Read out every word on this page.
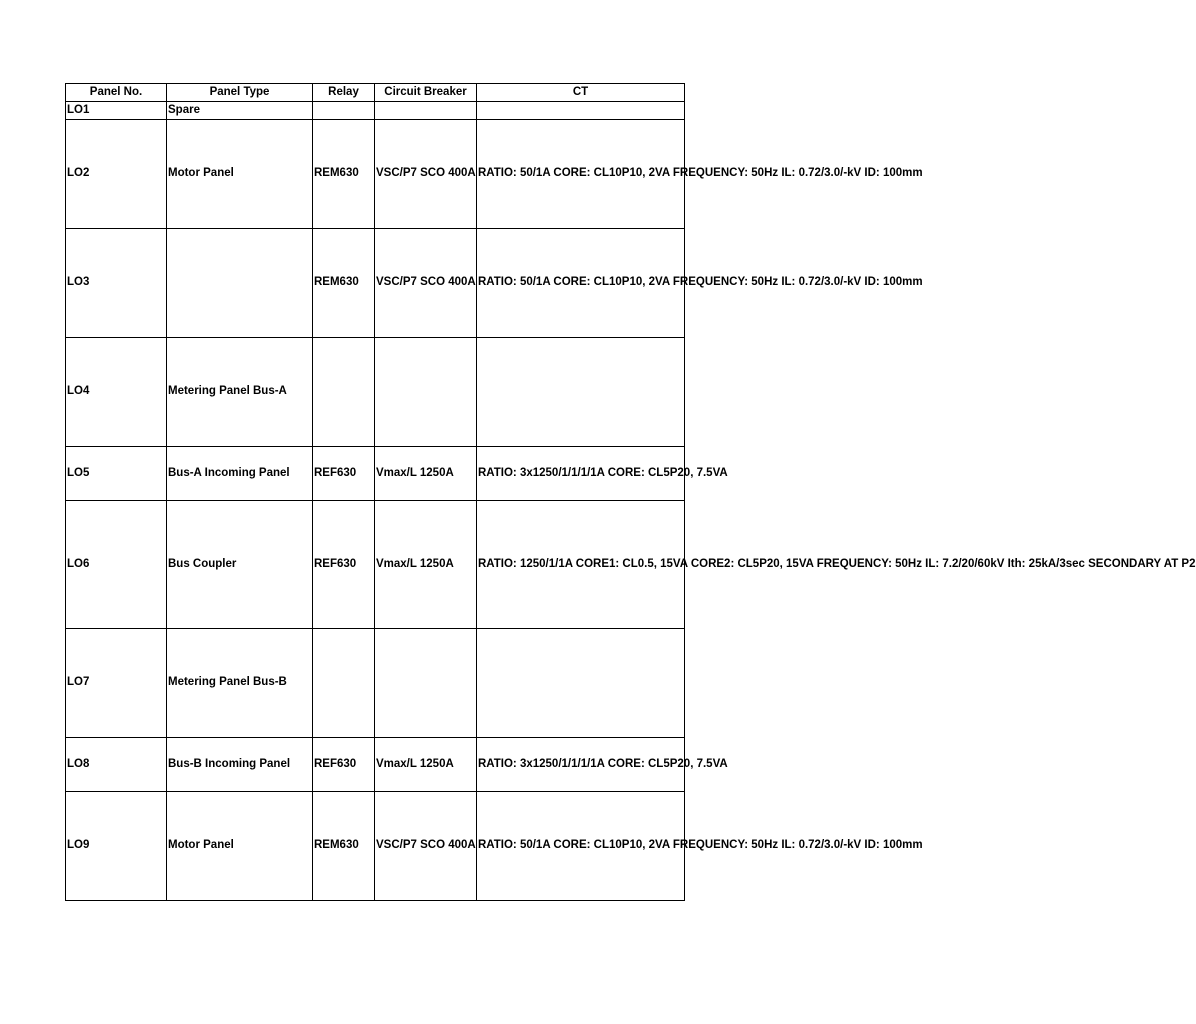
Panel No.	Panel Type	Relay	Circuit Breaker	CT
LO1	Spare			
LO2	Motor Panel	REM630	VSC/P7 SCO 400A	RATIO: 50/1A CORE: CL10P10, 2VA FREQUENCY: 50Hz IL: 0.72/3.0/-kV ID: 100mm
LO3		REM630	VSC/P7 SCO 400A	RATIO: 50/1A CORE: CL10P10, 2VA FREQUENCY: 50Hz IL: 0.72/3.0/-kV ID: 100mm
LO4	Metering Panel Bus-A			
LO5	Bus-A Incoming Panel	REF630	Vmax/L 1250A	RATIO: 3x1250/1/1/1/1A CORE: CL5P20, 7.5VA
LO6	Bus Coupler	REF630	Vmax/L 1250A	RATIO: 1250/1/1A CORE1: CL0.5, 15VA CORE2: CL5P20, 15VA FREQUENCY: 50Hz IL: 7.2/20/60kV Ith: 25kA/3sec SECONDARY AT P2
LO7	Metering Panel Bus-B			
LO8	Bus-B Incoming Panel	REF630	Vmax/L 1250A	RATIO: 3x1250/1/1/1/1A CORE: CL5P20, 7.5VA
LO9	Motor Panel	REM630	VSC/P7 SCO 400A	RATIO: 50/1A CORE: CL10P10, 2VA FREQUENCY: 50Hz IL: 0.72/3.0/-kV ID: 100mm
